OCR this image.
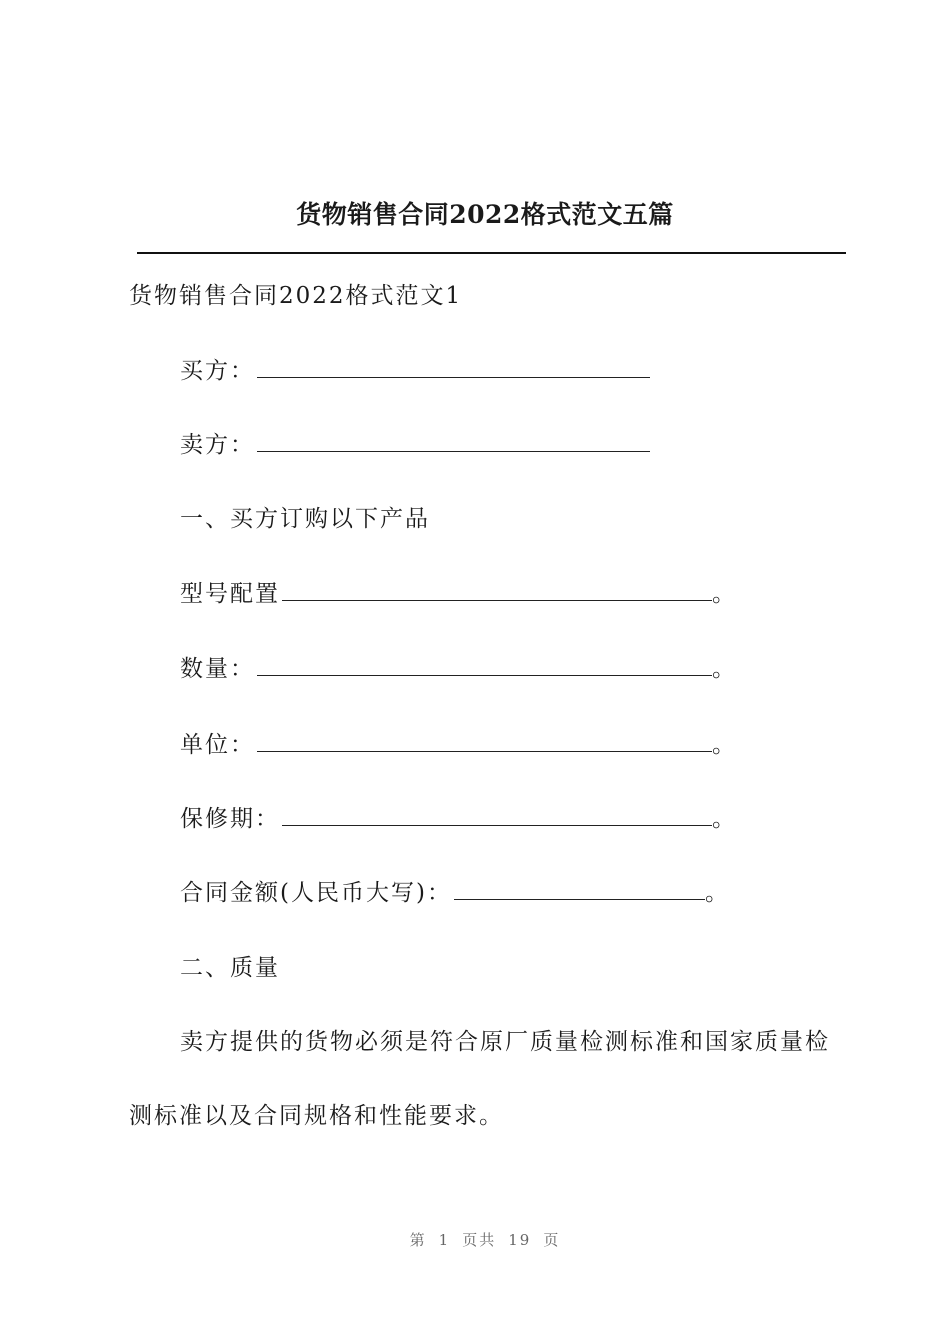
货物销售合同2022格式范文五篇
货物销售合同2022格式范文1
买方：
卖方：
一、买方订购以下产品
型号配置	。
数量：	。
单位：	。
保修期：	。
合同金额(人民币大写)：	。
二、质量
卖方提供的货物必须是符合原厂质量检测标准和国家质量检
测标准以及合同规格和性能要求。
第 1 页共 19 页
